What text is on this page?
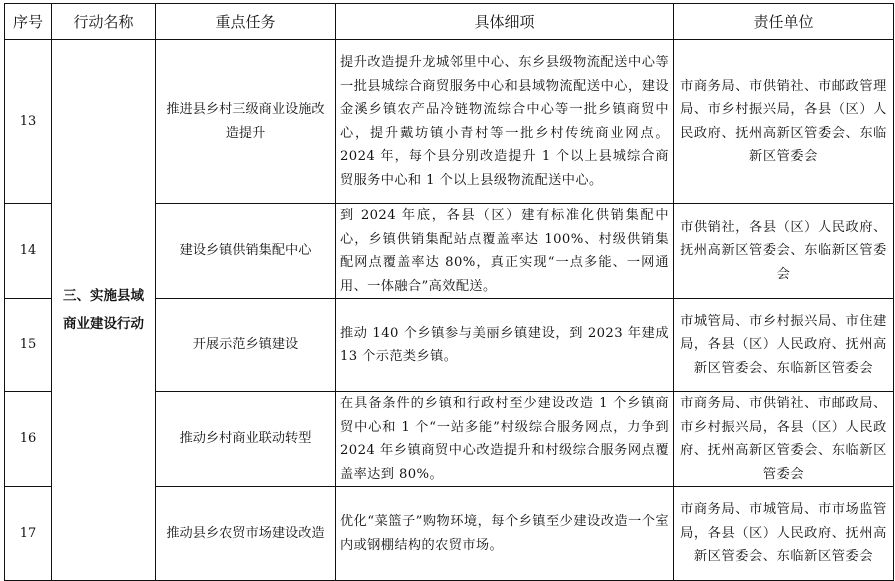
序号	行动名称	重点任务	具体细项	责任单位
13	三、实施县域商业建设行动	推进县乡村三级商业设施改造提升	提升改造提升龙城邻里中心、东乡县级物流配送中心等一批县城综合商贸服务中心和县域物流配送中心，建设金溪乡镇农产品冷链物流综合中心等一批乡镇商贸中心，提升戴坊镇小青村等一批乡村传统商业网点。2024 年，每个县分别改造提升 1 个以上县城综合商贸服务中心和 1 个以上县级物流配送中心。	市商务局、市供销社、市邮政管理局、市乡村振兴局，各县（区）人民政府、抚州高新区管委会、东临新区管委会
14		建设乡镇供销集配中心	到 2024 年底，各县（区）建有标准化供销集配中心，乡镇供销集配站点覆盖率达 100%、村级供销集配网点覆盖率达 80%，真正实现“一点多能、一网通用、一体融合”高效配送。	市供销社，各县（区）人民政府、抚州高新区管委会、东临新区管委会
15		开展示范乡镇建设	推动 140 个乡镇参与美丽乡镇建设，到 2023 年建成 13 个示范类乡镇。	市城管局、市乡村振兴局、市住建局，各县（区）人民政府、抚州高新区管委会、东临新区管委会
16		推动乡村商业联动转型	在具备条件的乡镇和行政村至少建设改造 1 个乡镇商贸中心和 1 个“一站多能”村级综合服务网点，力争到 2024 年乡镇商贸中心改造提升和村级综合服务网点覆盖率达到 80%。	市商务局、市供销社、市邮政局、市乡村振兴局，各县（区）人民政府、抚州高新区管委会、东临新区管委会
17		推动县乡农贸市场建设改造	优化“菜篮子”购物环境，每个乡镇至少建设改造一个室内或钢棚结构的农贸市场。	市商务局、市城管局、市市场监管局，各县（区）人民政府、抚州高新区管委会、东临新区管委会
